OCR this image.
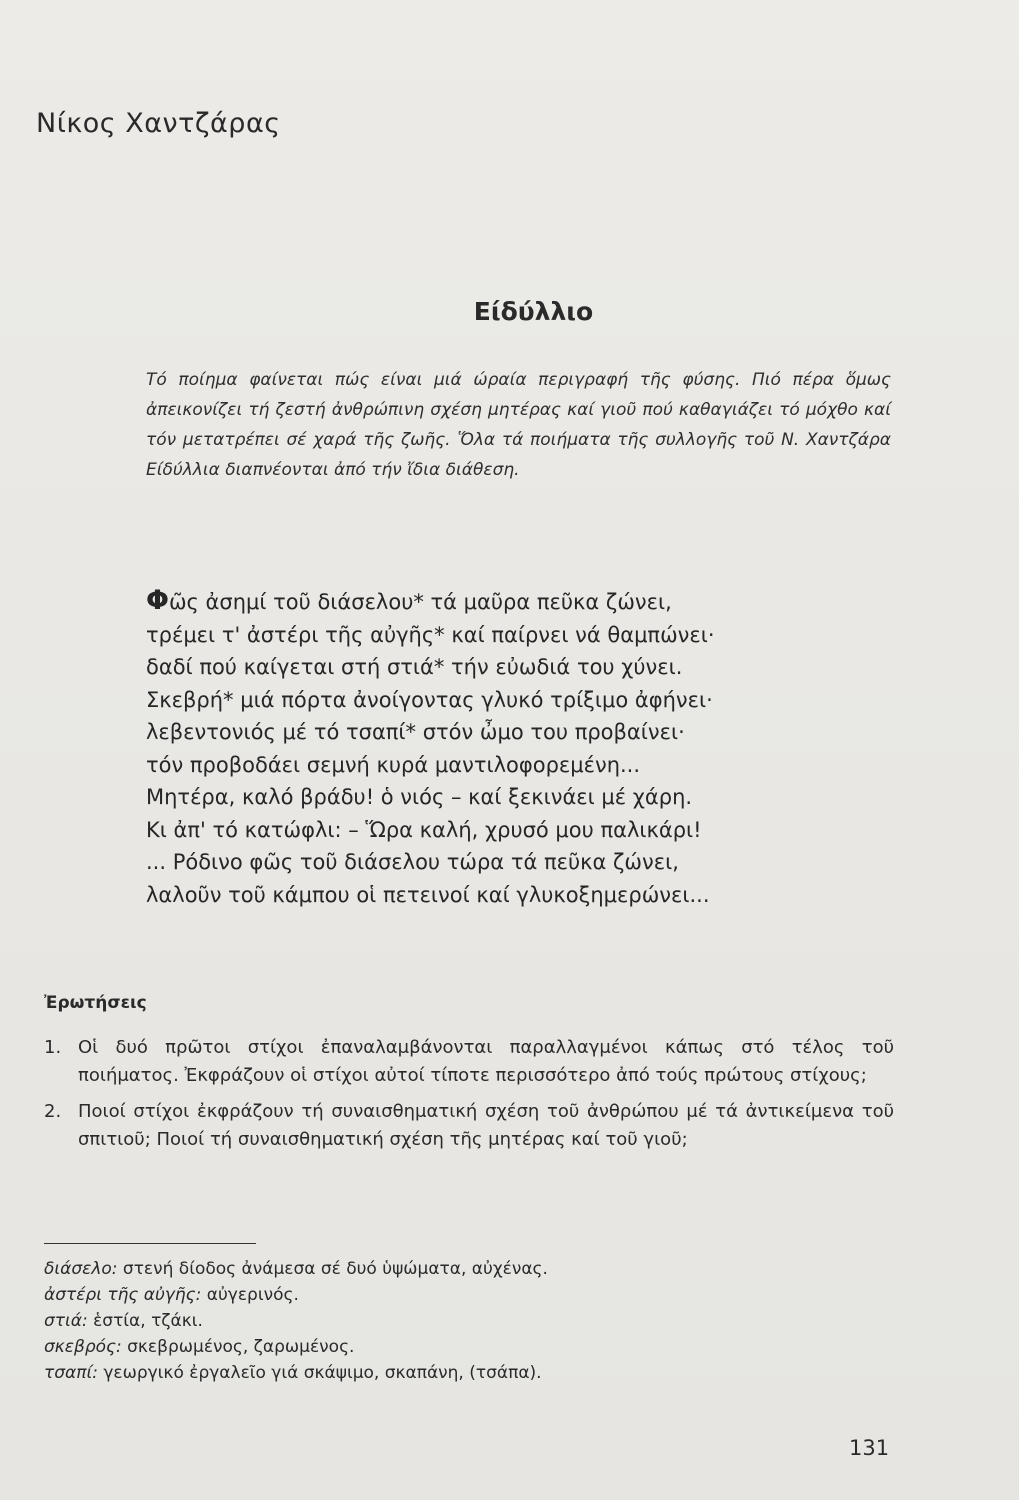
Νίκος Χαντζάρας
Είδύλλιο
Τό ποίημα φαίνεται πώς είναι μιά ώραία περιγραφή τῆς φύσης. Πιό πέρα ὅμως ἀπεικονίζει τή ζεστή ἀνθρώπινη σχέση μητέρας καί γιοῦ πού καθαγιάζει τό μόχθο καί τόν μετατρέπει σέ χαρά τῆς ζωῆς. Ὅλα τά ποιήματα τῆς συλλογῆς τοῦ Ν. Χαντζάρα Είδύλλια διαπνέονται ἀπό τήν ἴδια διάθεση.
Φῶς ἀσημί τοῦ διάσελου* τά μαῦρα πεῦκα ζώνει,
τρέμει τ' ἀστέρι τῆς αὐγῆς* καί παίρνει νά θαμπώνει·
δαδί πού καίγεται στή στιά* τήν εὐωδιά του χύνει.
Σκεβρή* μιά πόρτα ἀνοίγοντας γλυκό τρίξιμο ἀφήνει·
λεβεντονιός μέ τό τσαπί* στόν ὦμο του προβαίνει·
τόν προβοδάει σεμνή κυρά μαντιλοφορεμένη...
Μητέρα, καλό βράδυ! ὁ νιός – καί ξεκινάει μέ χάρη.
Κι ἀπ' τό κατώφλι: – Ὥρα καλή, χρυσό μου παλικάρι!
... Ρόδινο φῶς τοῦ διάσελου τώρα τά πεῦκα ζώνει,
λαλοῦν τοῦ κάμπου οἱ πετεινοί καί γλυκοξημερώνει...
Ἐρωτήσεις
1. Οἱ δυό πρῶτοι στίχοι ἐπαναλαμβάνονται παραλλαγμένοι κάπως στό τέλος τοῦ ποιήματος. Ἐκφράζουν οἱ στίχοι αὐτοί τίποτε περισσότερο ἀπό τούς πρώτους στίχους;
2. Ποιοί στίχοι ἐκφράζουν τή συναισθηματική σχέση τοῦ ἀνθρώπου μέ τά ἀντικείμενα τοῦ σπιτιοῦ; Ποιοί τή συναισθηματική σχέση τῆς μητέρας καί τοῦ γιοῦ;
διάσελο: στενή δίοδος ἀνάμεσα σέ δυό ὑψώματα, αὐχένας.
ἀστέρι τῆς αὐγῆς: αὐγερινός.
στιά: ἑστία, τζάκι.
σκεβρός: σκεβρωμένος, ζαρωμένος.
τσαπί: γεωργικό ἐργαλεῖο γιά σκάψιμο, σκαπάνη, (τσάπα).
131
